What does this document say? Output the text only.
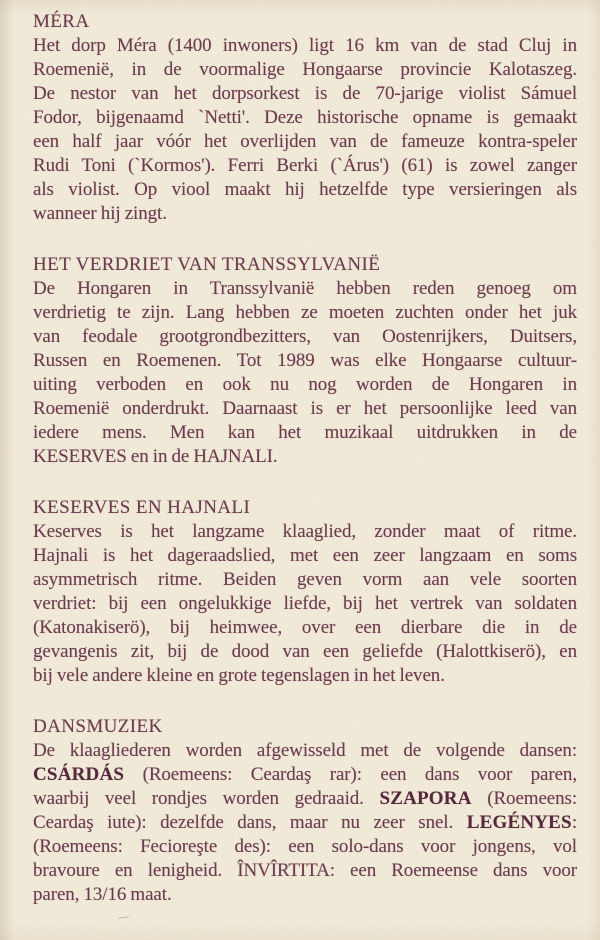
MÉRA
Het dorp Méra (1400 inwoners) ligt 16 km van de stad Cluj in
Roemenië, in de voormalige Hongaarse provincie Kalotaszeg.
De nestor van het dorpsorkest is de 70-jarige violist Sámuel
Fodor, bijgenaamd `Netti'. Deze historische opname is gemaakt
een half jaar vóór het overlijden van de fameuze kontra-speler
Rudi Toni (`Kormos'). Ferri Berki (`Árus') (61) is zowel zanger
als violist. Op viool maakt hij hetzelfde type versieringen als
wanneer hij zingt.
HET VERDRIET VAN TRANSSYLVANIË
De Hongaren in Transsylvanië hebben reden genoeg om
verdrietig te zijn. Lang hebben ze moeten zuchten onder het juk
van feodale grootgrondbezitters, van Oostenrijkers, Duitsers,
Russen en Roemenen. Tot 1989 was elke Hongaarse cultuur-
uiting verboden en ook nu nog worden de Hongaren in
Roemenië onderdrukt. Daarnaast is er het persoonlijke leed van
iedere mens. Men kan het muzikaal uitdrukken in de
KESERVES en in de HAJNALI.
KESERVES EN HAJNALI
Keserves is het langzame klaaglied, zonder maat of ritme.
Hajnali is het dageraadslied, met een zeer langzaam en soms
asymmetrisch ritme. Beiden geven vorm aan vele soorten
verdriet: bij een ongelukkige liefde, bij het vertrek van soldaten
(Katonakiserö), bij heimwee, over een dierbare die in de
gevangenis zit, bij de dood van een geliefde (Halottkiserö), en
bij vele andere kleine en grote tegenslagen in het leven.
DANSMUZIEK
De klaagliederen worden afgewisseld met de volgende dansen:
CSÁRDÁS (Roemeens: Ceardaş rar): een dans voor paren,
waarbij veel rondjes worden gedraaid. SZAPORA (Roemeens:
Ceardaş iute): dezelfde dans, maar nu zeer snel. LEGÉNYES:
(Roemeens: Fecioreşte des): een solo-dans voor jongens, vol
bravoure en lenigheid. ÎNVÎRTITA: een Roemeense dans voor
paren, 13/16 maat.
